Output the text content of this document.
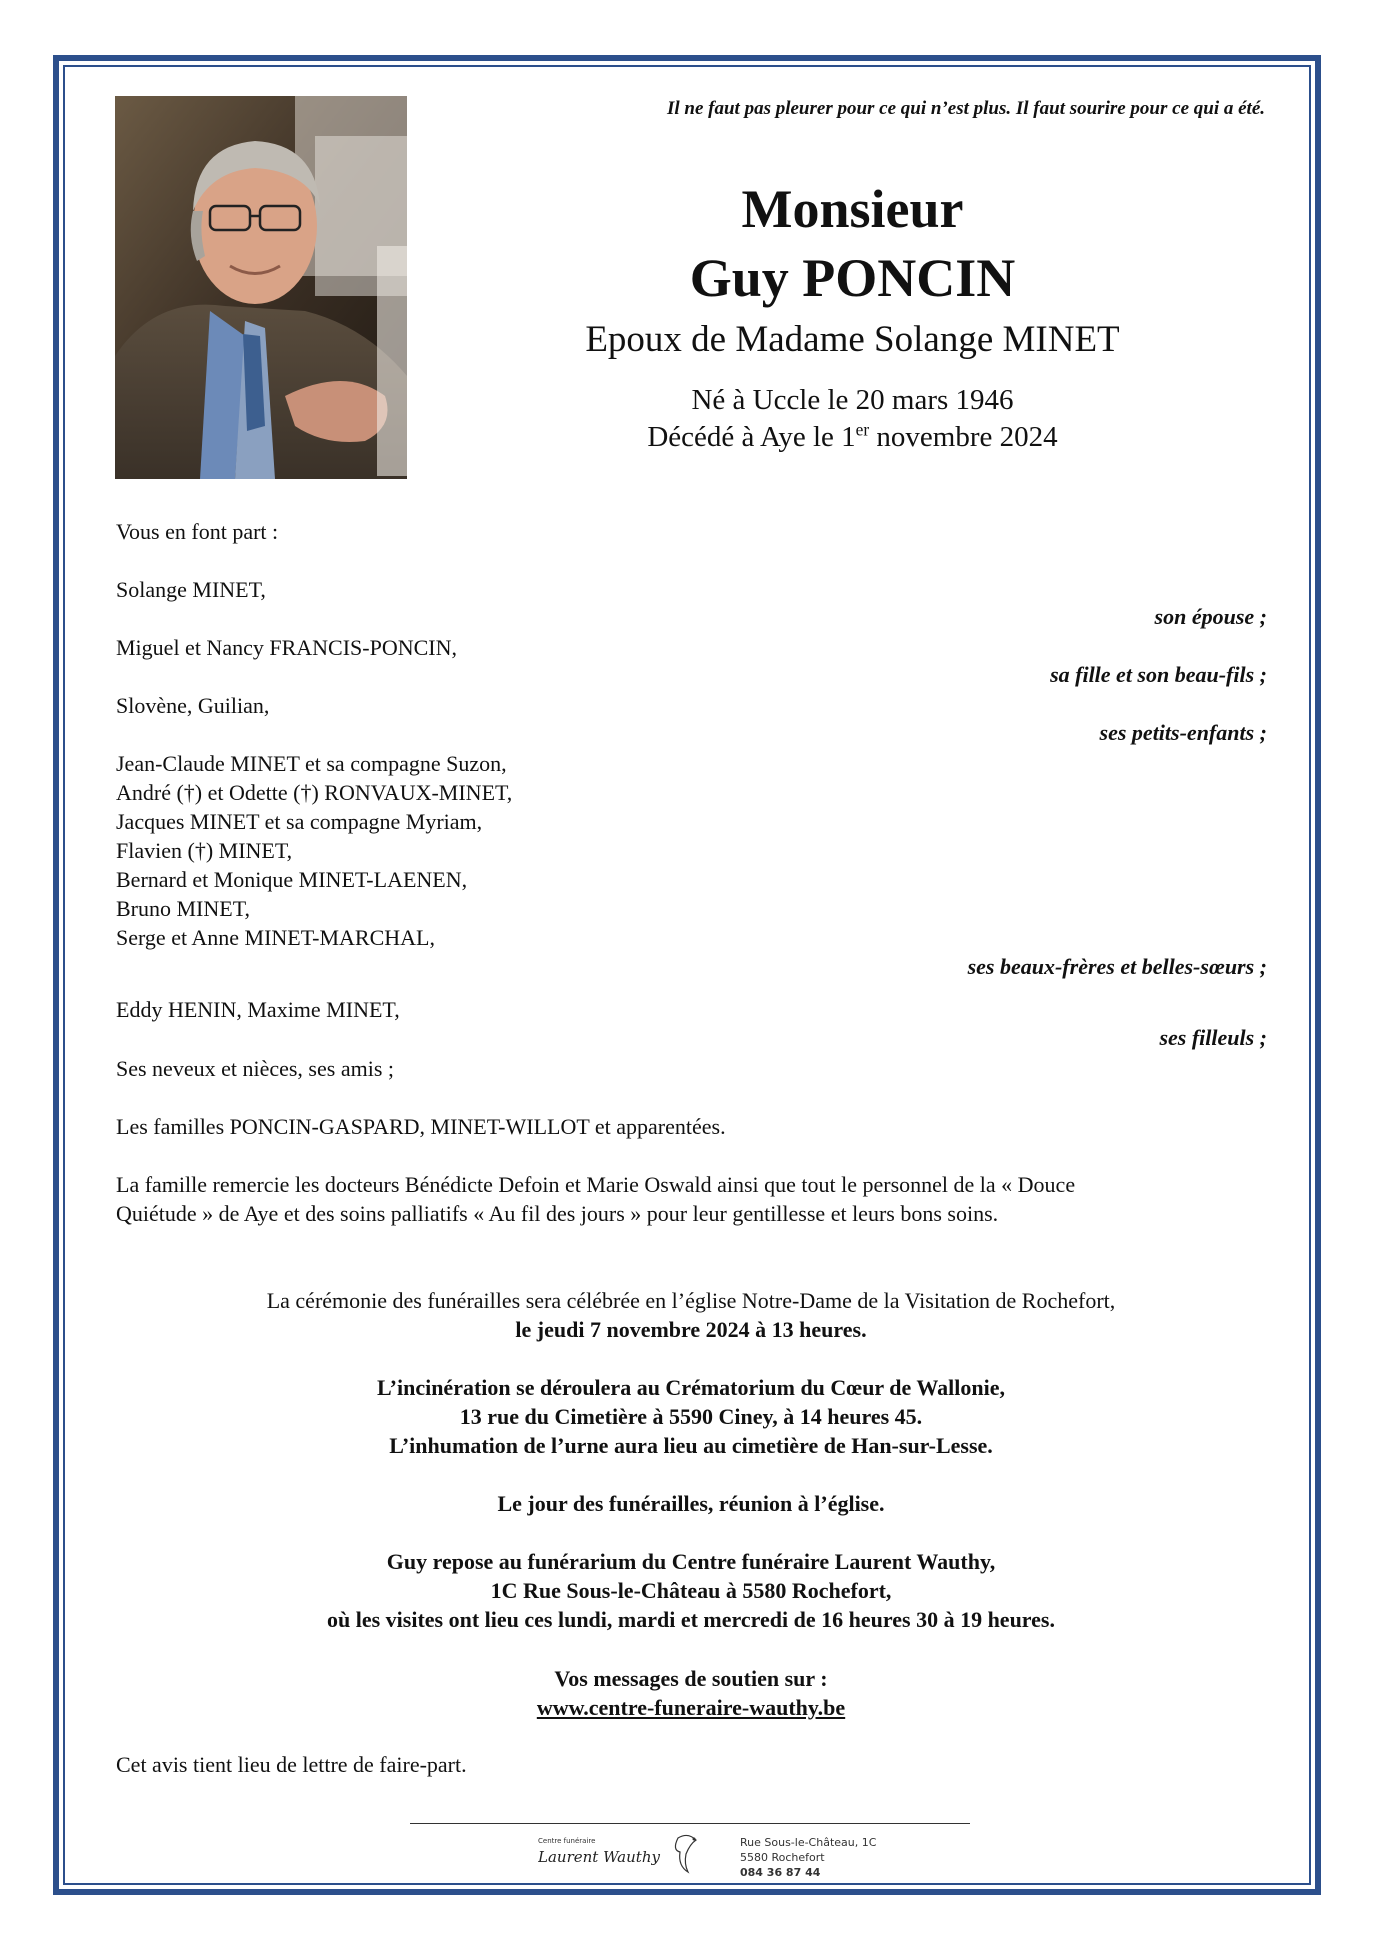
Il ne faut pas pleurer pour ce qui n’est plus. Il faut sourire pour ce qui a été.
Monsieur
Guy PONCIN
Epoux de Madame Solange MINET
Né à Uccle le 20 mars 1946
Décédé à Aye le 1er novembre 2024
Vous en font part :
Solange MINET,
son épouse ;
Miguel et Nancy FRANCIS-PONCIN,
sa fille et son beau-fils ;
Slovène, Guilian,
ses petits-enfants ;
Jean-Claude MINET et sa compagne Suzon,
André (†) et Odette (†) RONVAUX-MINET,
Jacques MINET et sa compagne Myriam,
Flavien (†) MINET,
Bernard et Monique MINET-LAENEN,
Bruno MINET,
Serge et Anne MINET-MARCHAL,
ses beaux-frères et belles-sœurs ;
Eddy HENIN, Maxime MINET,
ses filleuls ;
Ses neveux et nièces, ses amis ;
Les familles PONCIN-GASPARD, MINET-WILLOT et apparentées.
La famille remercie les docteurs Bénédicte Defoin et Marie Oswald ainsi que tout le personnel de la « Douce
Quiétude » de Aye et des soins palliatifs « Au fil des jours » pour leur gentillesse et leurs bons soins.
La cérémonie des funérailles sera célébrée en l’église Notre-Dame de la Visitation de Rochefort,
le jeudi 7 novembre 2024 à 13 heures.
L’incinération se déroulera au Crématorium du Cœur de Wallonie,
13 rue du Cimetière à 5590 Ciney, à 14 heures 45.
L’inhumation de l’urne aura lieu au cimetière de Han-sur-Lesse.
Le jour des funérailles, réunion à l’église.
Guy repose au funérarium du Centre funéraire Laurent Wauthy,
1C Rue Sous-le-Château à 5580 Rochefort,
où les visites ont lieu ces lundi, mardi et mercredi de 16 heures 30 à 19 heures.
Vos messages de soutien sur :
www.centre-funeraire-wauthy.be
Cet avis tient lieu de lettre de faire-part.
Centre funéraire
Laurent Wauthy
Rue Sous-le-Château, 1C
5580 Rochefort
084 36 87 44
